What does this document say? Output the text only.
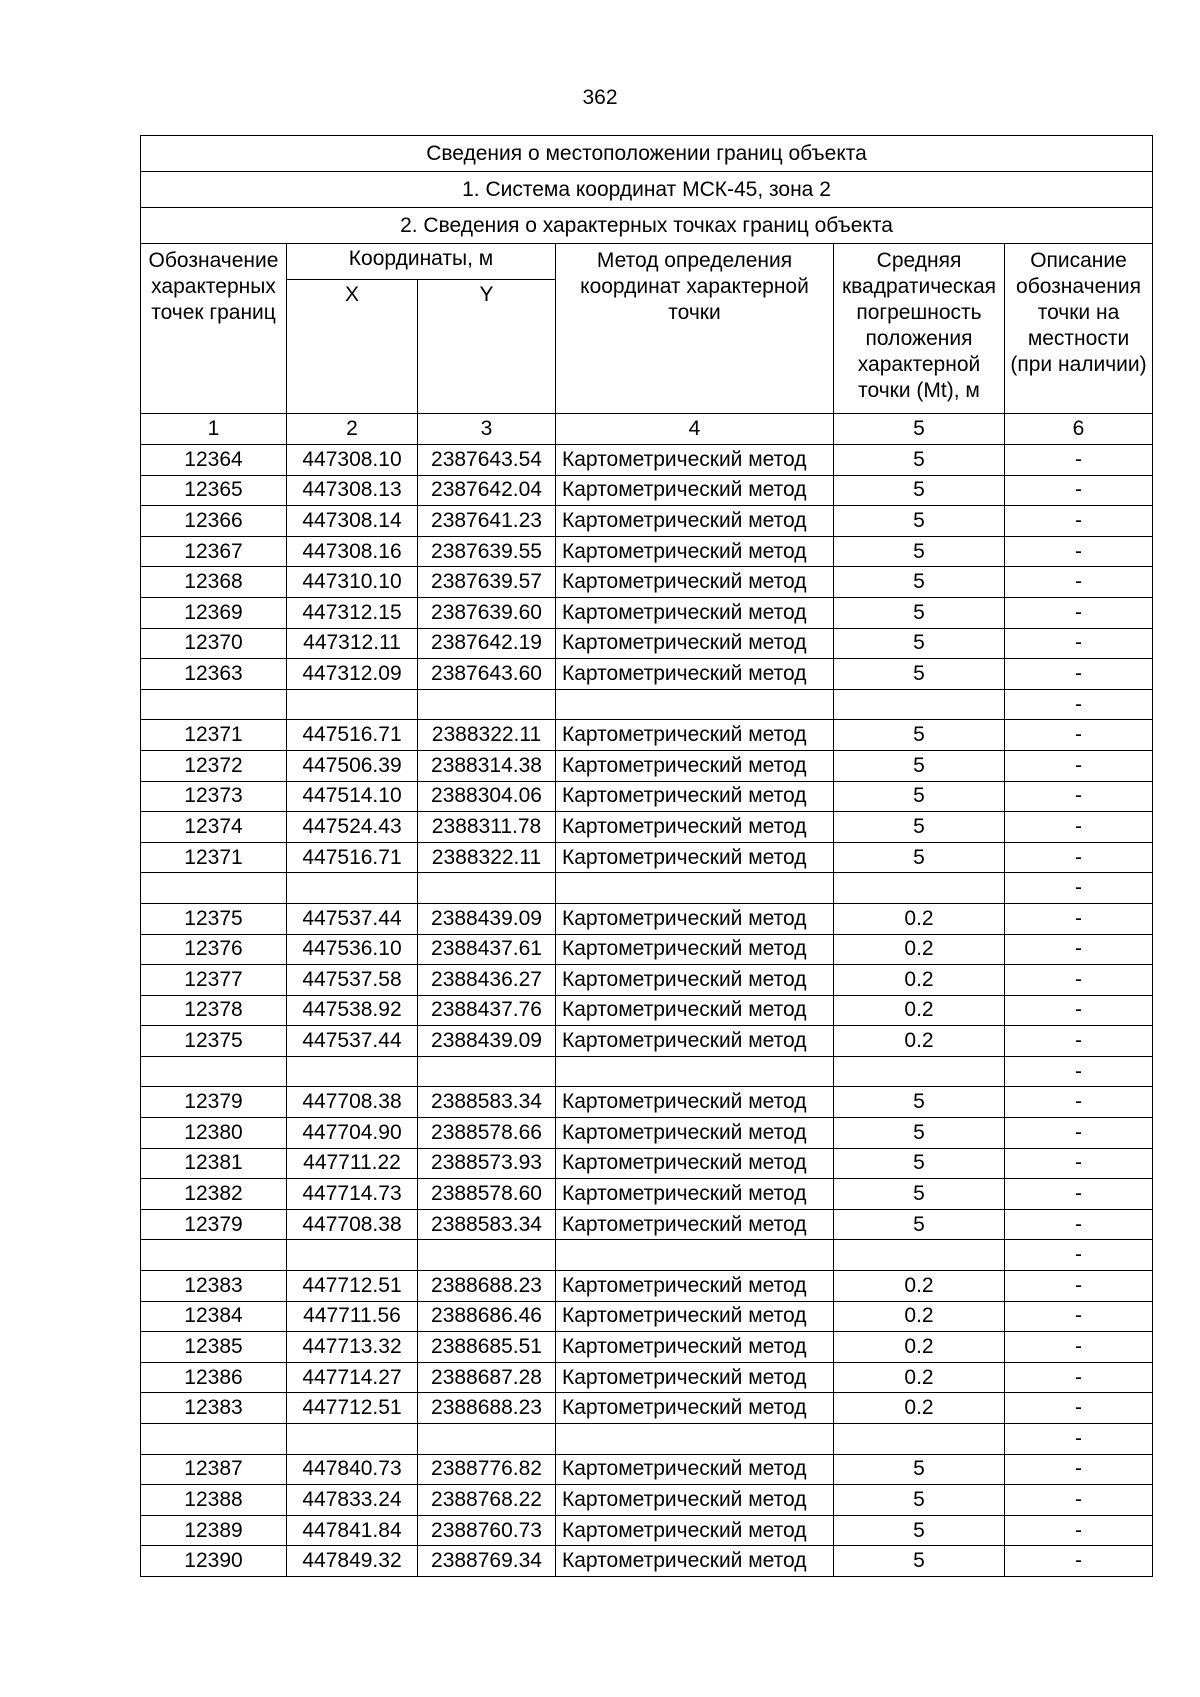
362
Сведения о местоположении границ объекта					
1. Система координат МСК-45, зона 2					
2. Сведения о характерных точках границ объекта					
Обозначение характерных точек границ	Координаты, м		Метод определения координат характерной точки	Средняя квадратическая погрешность положения характерной точки (Mt), м	Описание обозначения точки на местности (при наличии)
	X	Y			
1	2	3	4	5	6
12364	447308.10	2387643.54	Картометрический метод	5	-
12365	447308.13	2387642.04	Картометрический метод	5	-
12366	447308.14	2387641.23	Картометрический метод	5	-
12367	447308.16	2387639.55	Картометрический метод	5	-
12368	447310.10	2387639.57	Картометрический метод	5	-
12369	447312.15	2387639.60	Картометрический метод	5	-
12370	447312.11	2387642.19	Картометрический метод	5	-
12363	447312.09	2387643.60	Картометрический метод	5	-
					-
12371	447516.71	2388322.11	Картометрический метод	5	-
12372	447506.39	2388314.38	Картометрический метод	5	-
12373	447514.10	2388304.06	Картометрический метод	5	-
12374	447524.43	2388311.78	Картометрический метод	5	-
12371	447516.71	2388322.11	Картометрический метод	5	-
					-
12375	447537.44	2388439.09	Картометрический метод	0.2	-
12376	447536.10	2388437.61	Картометрический метод	0.2	-
12377	447537.58	2388436.27	Картометрический метод	0.2	-
12378	447538.92	2388437.76	Картометрический метод	0.2	-
12375	447537.44	2388439.09	Картометрический метод	0.2	-
					-
12379	447708.38	2388583.34	Картометрический метод	5	-
12380	447704.90	2388578.66	Картометрический метод	5	-
12381	447711.22	2388573.93	Картометрический метод	5	-
12382	447714.73	2388578.60	Картометрический метод	5	-
12379	447708.38	2388583.34	Картометрический метод	5	-
					-
12383	447712.51	2388688.23	Картометрический метод	0.2	-
12384	447711.56	2388686.46	Картометрический метод	0.2	-
12385	447713.32	2388685.51	Картометрический метод	0.2	-
12386	447714.27	2388687.28	Картометрический метод	0.2	-
12383	447712.51	2388688.23	Картометрический метод	0.2	-
					-
12387	447840.73	2388776.82	Картометрический метод	5	-
12388	447833.24	2388768.22	Картометрический метод	5	-
12389	447841.84	2388760.73	Картометрический метод	5	-
12390	447849.32	2388769.34	Картометрический метод	5	-
